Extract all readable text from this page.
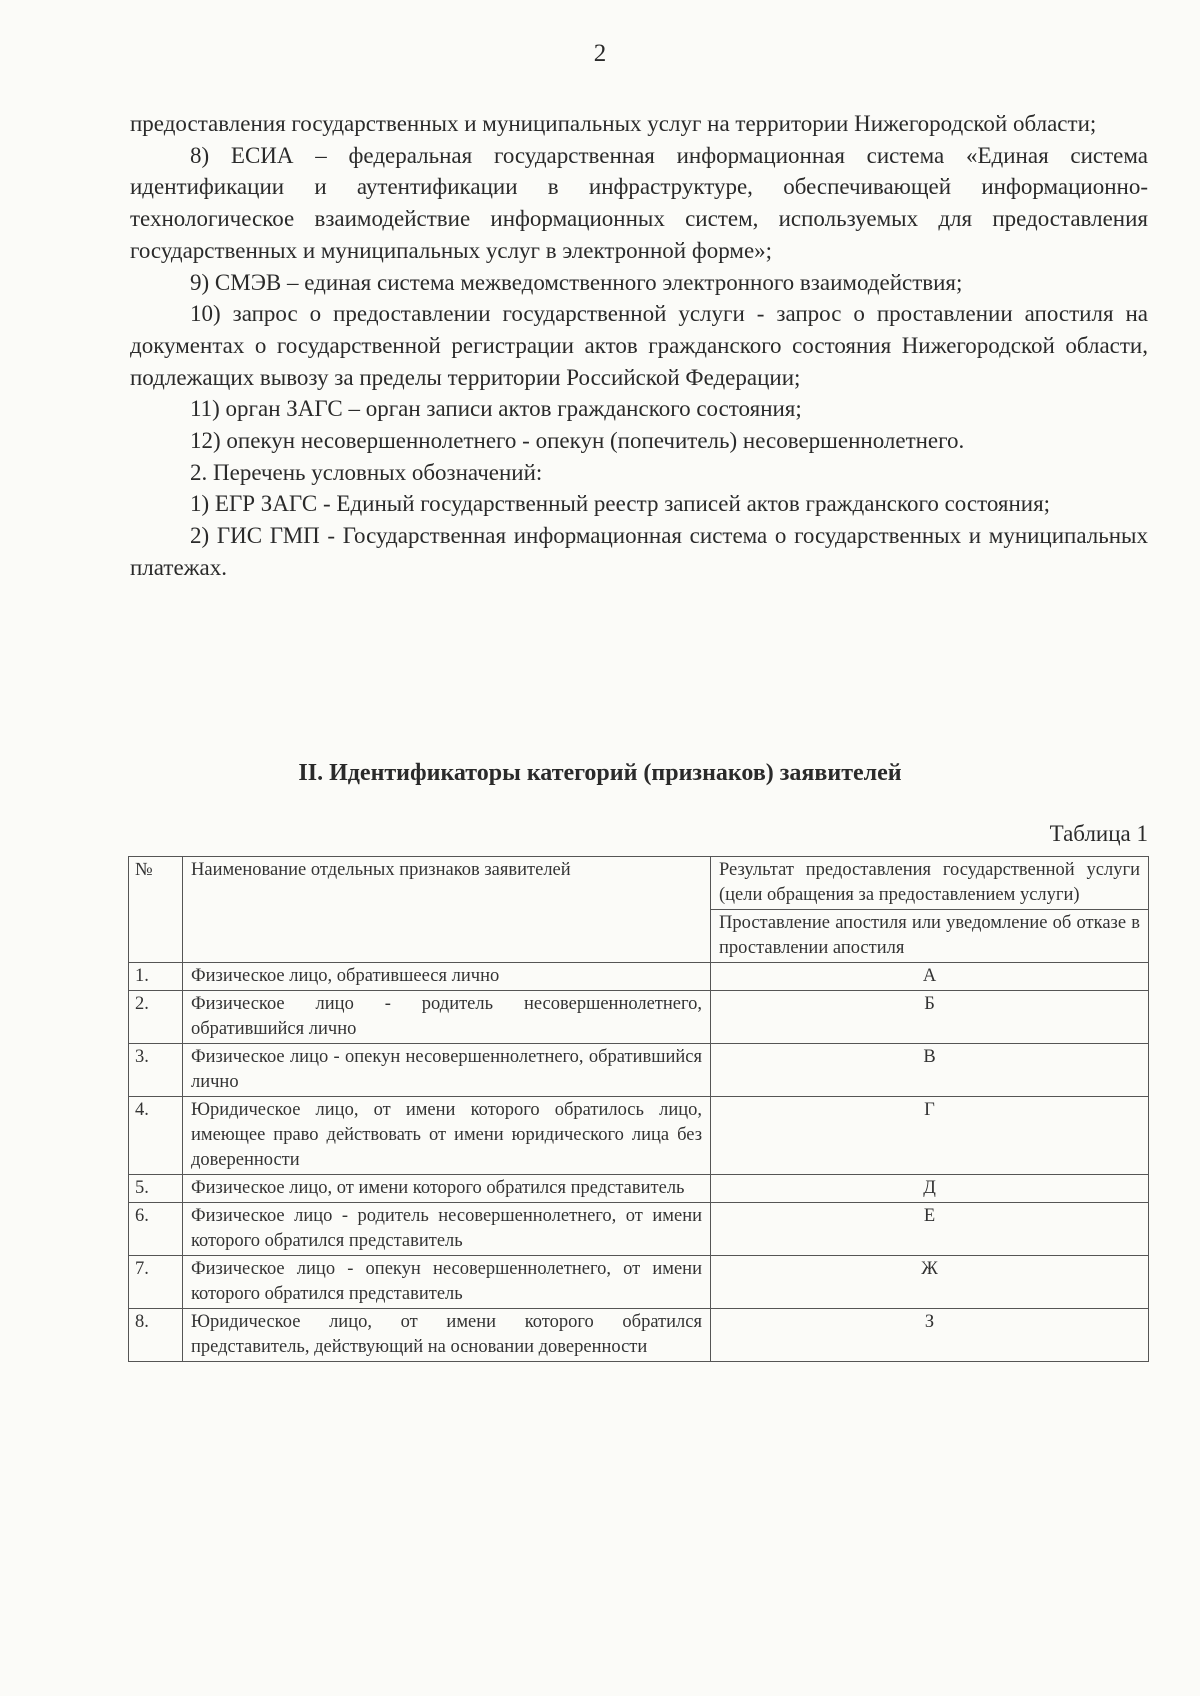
2

предоставления государственных и муниципальных услуг на территории Нижегородской области;

8) ЕСИА – федеральная государственная информационная система «Единая система идентификации и аутентификации в инфраструктуре, обеспечивающей информационно-технологическое взаимодействие информационных систем, используемых для предоставления государственных и муниципальных услуг в электронной форме»;

9) СМЭВ – единая система межведомственного электронного взаимодействия;

10) запрос о предоставлении государственной услуги - запрос о проставлении апостиля на документах о государственной регистрации актов гражданского состояния Нижегородской области, подлежащих вывозу за пределы территории Российской Федерации;

11) орган ЗАГС – орган записи актов гражданского состояния;

12) опекун несовершеннолетнего - опекун (попечитель) несовершеннолетнего.

2. Перечень условных обозначений:

1) ЕГР ЗАГС - Единый государственный реестр записей актов гражданского состояния;

2) ГИС ГМП - Государственная информационная система о государственных и муниципальных платежах.

II. Идентификаторы категорий (признаков) заявителей
Таблица 1
№	Наименование отдельных признаков заявителей	Результат предоставления государственной услуги (цели обращения за предоставлением услуги)
		Проставление апостиля или уведомление об отказе в проставлении апостиля
1.	Физическое лицо, обратившееся лично	А
2.	Физическое лицо - родитель несовершеннолетнего, обратившийся лично	Б
3.	Физическое лицо - опекун несовершеннолетнего, обратившийся лично	В
4.	Юридическое лицо, от имени которого обратилось лицо, имеющее право действовать от имени юридического лица без доверенности	Г
5.	Физическое лицо, от имени которого обратился представитель	Д
6.	Физическое лицо - родитель несовершеннолетнего, от имени которого обратился представитель	Е
7.	Физическое лицо - опекун несовершеннолетнего, от имени которого обратился представитель	Ж
8.	Юридическое лицо, от имени которого обратился представитель, действующий на основании доверенности	З
